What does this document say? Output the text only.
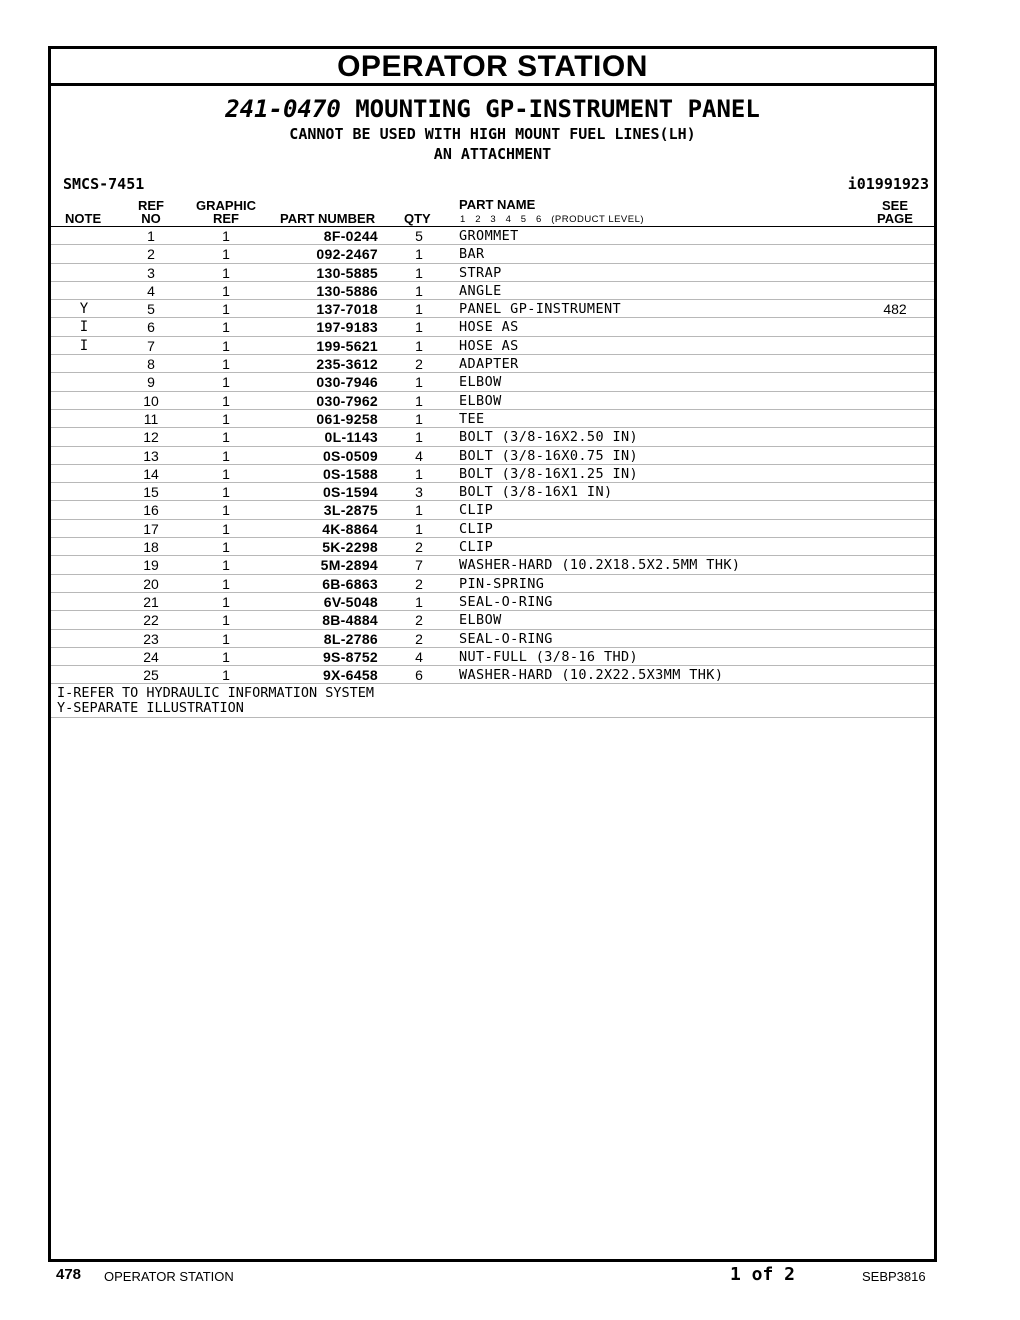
OPERATOR STATION
241-0470 MOUNTING GP-INSTRUMENT PANEL
CANNOT BE USED WITH HIGH MOUNT FUEL LINES(LH)
AN ATTACHMENT
SMCS-7451	i01991923
NOTE
REF
NO
GRAPHIC
REF	PART NUMBER QTY
PART NAME
1   2   3   4   5   6   (PRODUCT LEVEL)
SEE
PAGE
1	1	8F-0244	5	GROMMET
2	1	092-2467	1	BAR
3	1	130-5885	1	STRAP
4	1	130-5886	1	ANGLE
Y	5	1	137-7018	1	PANEL GP-INSTRUMENT	482
I	6	1	197-9183	1	HOSE AS
I	7	1	199-5621	1	HOSE AS
8	1	235-3612	2	ADAPTER
9	1	030-7946	1	ELBOW
10	1	030-7962	1	ELBOW
11	1	061-9258	1	TEE
12	1	0L-1143	1	BOLT (3/8-16X2.50 IN)
13	1	0S-0509	4	BOLT (3/8-16X0.75 IN)
14	1	0S-1588	1	BOLT (3/8-16X1.25 IN)
15	1	0S-1594	3	BOLT (3/8-16X1 IN)
16	1	3L-2875	1	CLIP
17	1	4K-8864	1	CLIP
18	1	5K-2298	2	CLIP
19	1	5M-2894	7	WASHER-HARD (10.2X18.5X2.5MM THK)
20	1	6B-6863	2	PIN-SPRING
21	1	6V-5048	1	SEAL-O-RING
22	1	8B-4884	2	ELBOW
23	1	8L-2786	2	SEAL-O-RING
24	1	9S-8752	4	NUT-FULL (3/8-16 THD)
25	1	9X-6458	6	WASHER-HARD (10.2X22.5X3MM THK)
I-REFER TO HYDRAULIC INFORMATION SYSTEM
Y-SEPARATE ILLUSTRATION
478 OPERATOR STATION	1 of 2	SEBP3816
